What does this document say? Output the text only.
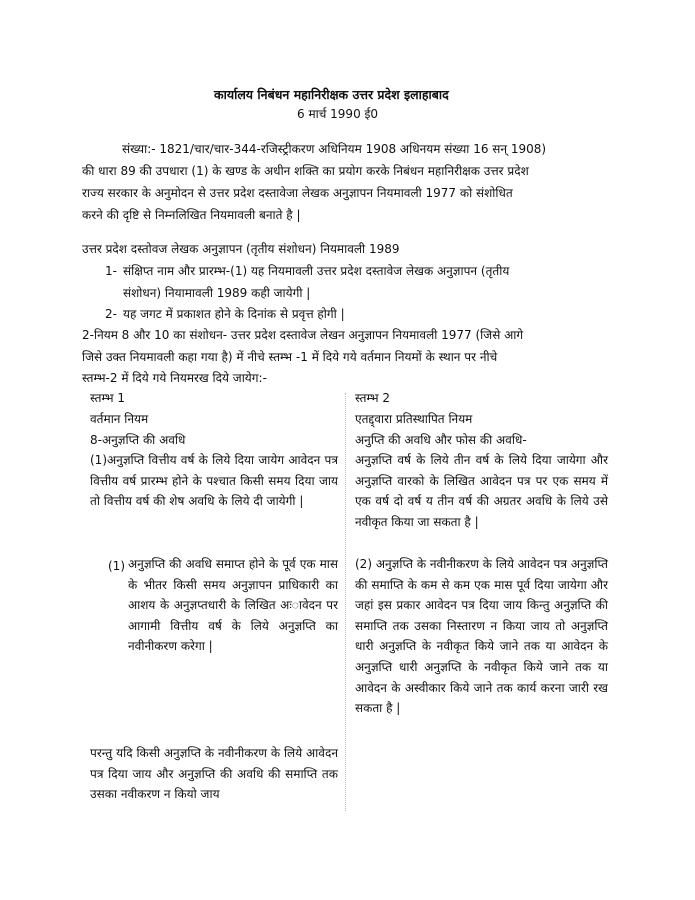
कार्यालय निबंधन महानिरीक्षक उत्तर प्रदेश इलाहाबाद
6 मार्च 1990 ई0
संख्या:- 1821/चार/चार-344-रजिस्ट्रीकरण अधिनियम 1908 अधिनयम संख्या 16 सन् 1908)
की धारा 89 की उपधारा (1) के खण्ड के अधीन शक्ति का प्रयोग करके निबंधन महानिरीक्षक उत्तर प्रदेश
राज्य सरकार के अनुमोदन से उत्तर प्रदेश दस्तावेजा लेखक अनुज्ञापन नियमावली 1977 को संशोधित
करने की दृष्टि से निम्नलिखित नियमावली बनाते है |
उत्तर प्रदेश दस्तोवज लेखक अनुज्ञापन (तृतीय संशोधन) नियमावली 1989
1- संक्षिप्त नाम और प्रारम्भ-(1) यह नियमावली उत्तर प्रदेश दस्तावेज लेखक अनुज्ञापन (तृतीय
संशोधन) नियामावली 1989 कही जायेगी |
2- यह जगट में प्रकाशत होने के दिनांक से प्रवृत्त होगी |
2-नियम 8 और 10 का संशोधन- उत्तर प्रदेश दस्तावेज लेखन अनुज्ञापन नियमावली 1977 (जिसे आगे
जिसे उक्त नियमावली कहा गया है) में नीचे स्तम्भ -1 में दिये गये वर्तमान नियमों के स्थान पर नीचे
स्तम्भ-2 में दिये गये नियमरख दिये जायेग:-
स्तम्भ 1
वर्तमान नियम
8-अनुज्ञप्ति की अवधि
(1)अनुज्ञप्ति वित्तीय वर्ष के लिये दिया जायेग आवेदन पत्र वित्तीय वर्ष प्रारम्भ होने के पश्चात किसी समय दिया जाय तो वित्तीय वर्ष की शेष अवधि के लिये दी जायेगी |
(1) अनुज्ञप्ति की अवधि समाप्त होने के पूर्व एक मास के भीतर किसी समय अनुज्ञापन प्राधिकारी का आशय के अनुज्ञप्तधारी के लिखित अःावेदन पर आगामी वित्तीय वर्ष के लिये अनुज्ञप्ति का नवीनीकरण करेगा |
परन्तु यदि किसी अनुज्ञप्ति के नवीनीकरण के लिये आवेदन पत्र दिया जाय और अनुज्ञप्ति की अवधि की समाप्ति तक उसका नवीकरण न कियो जाय
स्तम्भ 2
एतद्द्वारा प्रतिस्थापित नियम
अनुप्ति की अवधि और फोस की अवधि-
अनुज्ञप्ति वर्ष के लिये तीन वर्ष के लिये दिया जायेगा और अनुज्ञप्ति वारको के लिखित आवेदन पत्र पर एक समय में एक वर्ष दो वर्ष य तीन वर्ष की अग्रतर अवधि के लिये उसे नवीकृत किया जा सकता है |
(2) अनुज्ञप्ति के नवीनीकरण के लिये आवेदन पत्र अनुज्ञप्ति की समाप्ति के कम से कम एक मास पूर्व दिया जायेगा और जहां इस प्रकार आवेदन पत्र दिया जाय किन्तु अनुज्ञप्ति की समाप्ति तक उसका निस्तारण न किया जाय तो अनुज्ञप्ति धारी अनुज्ञप्ति के नवीकृत किये जाने तक या आवेदन के अनुज्ञप्ति धारी अनुज्ञप्ति के नवीकृत किये जाने तक या आवेदन के अस्वीकार किये जाने तक कार्य करना जारी रख सकता है |
